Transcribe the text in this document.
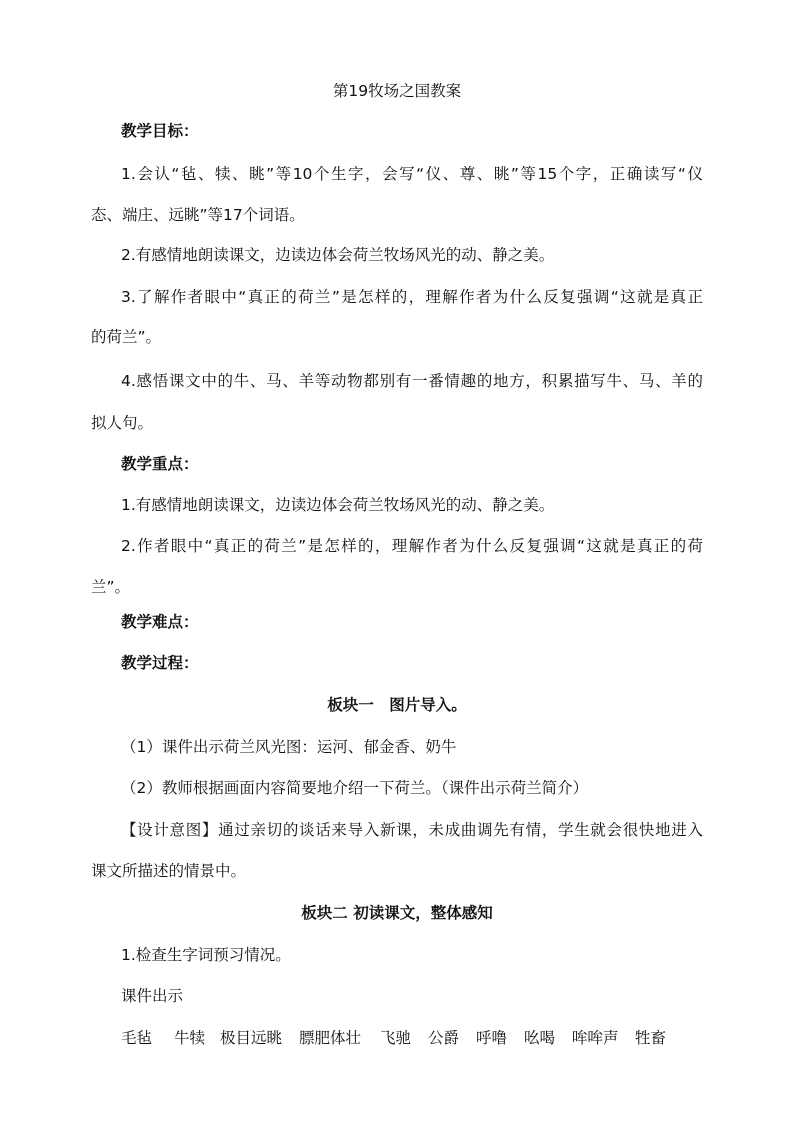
第19牧场之国教案
教学目标：
1.会认“毡、犊、眺”等10个生字，会写“仪、尊、眺”等15个字，正确读写“仪
态、端庄、远眺”等17个词语。
2.有感情地朗读课文，边读边体会荷兰牧场风光的动、静之美。
3.了解作者眼中“真正的荷兰”是怎样的，理解作者为什么反复强调“这就是真正
的荷兰”。
4.感悟课文中的牛、马、羊等动物都别有一番情趣的地方，积累描写牛、马、羊的
拟人句。
教学重点：
1.有感情地朗读课文，边读边体会荷兰牧场风光的动、静之美。
2.作者眼中“真正的荷兰”是怎样的，理解作者为什么反复强调“这就是真正的荷
兰”。
教学难点：
教学过程：
板块一　图片导入。
（1）课件出示荷兰风光图：运河、郁金香、奶牛
（2）教师根据画面内容简要地介绍一下荷兰。（课件出示荷兰简介）
【设计意图】通过亲切的谈话来导入新课，未成曲调先有情，学生就会很快地进入
课文所描述的情景中。
板块二 初读课文，整体感知
1.检查生字词预习情况。
课件出示
毛毡 牛犊 极目远眺 膘肥体壮 飞驰 公爵 呼噜 吆喝 哞哞声 牲畜
